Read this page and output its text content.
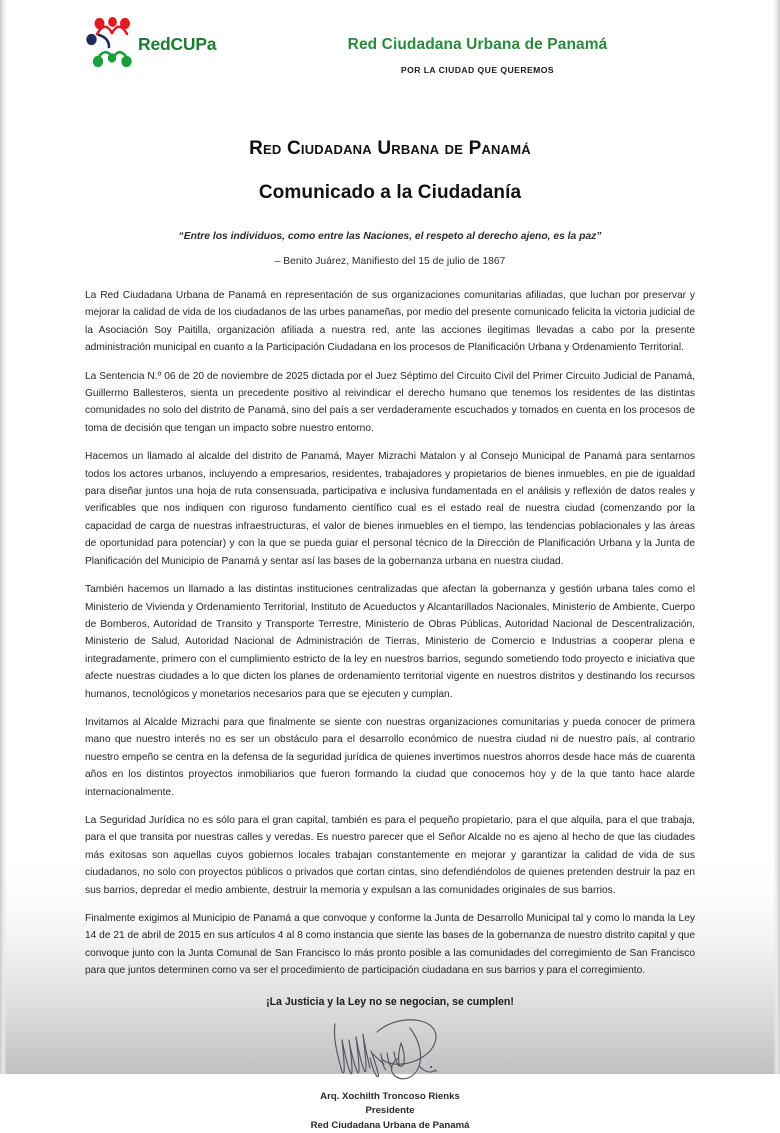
RedCUPa	Red Ciudadana Urbana de Panamá
POR LA CIUDAD QUE QUEREMOS
Red Ciudadana Urbana de Panamá
Comunicado a la Ciudadanía
“Entre los individuos, como entre las Naciones, el respeto al derecho ajeno, es la paz”
– Benito Juárez, Manifiesto del 15 de julio de 1867

La Red Ciudadana Urbana de Panamá en representación de sus organizaciones comunitarias afiliadas, que luchan por preservar y mejorar la calidad de vida de los ciudadanos de las urbes panameñas, por medio del presente comunicado felicita la victoria judicial de la Asociación Soy Paitilla, organización afiliada a nuestra red, ante las acciones ilegitimas llevadas a cabo por la presente administración municipal en cuanto a la Participación Ciudadana en los procesos de Planificación Urbana y Ordenamiento Territorial.

La Sentencia N.º 06 de 20 de noviembre de 2025 dictada por el Juez Séptimo del Circuito Civil del Primer Circuito Judicial de Panamá, Guillermo Ballesteros, sienta un precedente positivo al reivindicar el derecho humano que tenemos los residentes de las distintas comunidades no solo del distrito de Panamá, sino del país a ser verdaderamente escuchados y tomados en cuenta en los procesos de toma de decisión que tengan un impacto sobre nuestro entorno.

Hacemos un llamado al alcalde del distrito de Panamá, Mayer Mizrachi Matalon y al Consejo Municipal de Panamá para sentarnos todos los actores urbanos, incluyendo a empresarios, residentes, trabajadores y propietarios de bienes inmuebles, en pie de igualdad para diseñar juntos una hoja de ruta consensuada, participativa e inclusiva fundamentada en el análisis y reflexión de datos reales y verificables que nos indiquen con riguroso fundamento científico cual es el estado real de nuestra ciudad (comenzando por la capacidad de carga de nuestras infraestructuras, el valor de bienes inmuebles en el tiempo, las tendencias poblacionales y las áreas de oportunidad para potenciar) y con la que se pueda guiar el personal técnico de la Dirección de Planificación Urbana y la Junta de Planificación del Municipio de Panamá y sentar así las bases de la gobernanza urbana en nuestra ciudad.

También hacemos un llamado a las distintas instituciones centralizadas que afectan la gobernanza y gestión urbana tales como el Ministerio de Vivienda y Ordenamiento Territorial, Instituto de Acueductos y Alcantarillados Nacionales, Ministerio de Ambiente, Cuerpo de Bomberos, Autoridad de Transito y Transporte Terrestre, Ministerio de Obras Públicas, Autoridad Nacional de Descentralización, Ministerio de Salud, Autoridad Nacional de Administración de Tierras, Ministerio de Comercio e Industrias a cooperar plena e integradamente, primero con el cumplimiento estricto de la ley en nuestros barrios, segundo sometiendo todo proyecto e iniciativa que afecte nuestras ciudades a lo que dicten los planes de ordenamiento territorial vigente en nuestros distritos y destinando los recursos humanos, tecnológicos y monetarios necesarios para que se ejecuten y cumplan.

Invitamos al Alcalde Mizrachi para que finalmente se siente con nuestras organizaciones comunitarias y pueda conocer de primera mano que nuestro interés no es ser un obstáculo para el desarrollo económico de nuestra ciudad ni de nuestro país, al contrario nuestro empeño se centra en la defensa de la seguridad jurídica de quienes invertimos nuestros ahorros desde hace más de cuarenta años en los distintos proyectos inmobiliarios que fueron formando la ciudad que conocemos hoy y de la que tanto hace alarde internacionalmente.

La Seguridad Jurídica no es sólo para el gran capital, también es para el pequeño propietario, para el que alquila, para el que trabaja, para el que transita por nuestras calles y veredas. Es nuestro parecer que el Señor Alcalde no es ajeno al hecho de que las ciudades más exitosas son aquellas cuyos gobiernos locales trabajan constantemente en mejorar y garantizar la calidad de vida de sus ciudadanos, no solo con proyectos públicos o privados que cortan cintas, sino defendiéndolos de quienes pretenden destruir la paz en sus barrios, depredar el medio ambiente, destruir la memoria y expulsan a las comunidades originales de sus barrios.

Finalmente exigimos al Municipio de Panamá a que convoque y conforme la Junta de Desarrollo Municipal tal y como lo manda la Ley 14 de 21 de abril de 2015 en sus artículos 4 al 8 como instancia que siente las bases de la gobernanza de nuestro distrito capital y que convoque junto con la Junta Comunal de San Francisco lo más pronto posible a las comunidades del corregimiento de San Francisco para que juntos determinen como va ser el procedimiento de participación ciudadana en sus barrios y para el corregimiento.

¡La Justicia y la Ley no se negocian, se cumplen!
Arq. Xochilth Troncoso Rienks
Presidente
Red Ciudadana Urbana de Panamá
